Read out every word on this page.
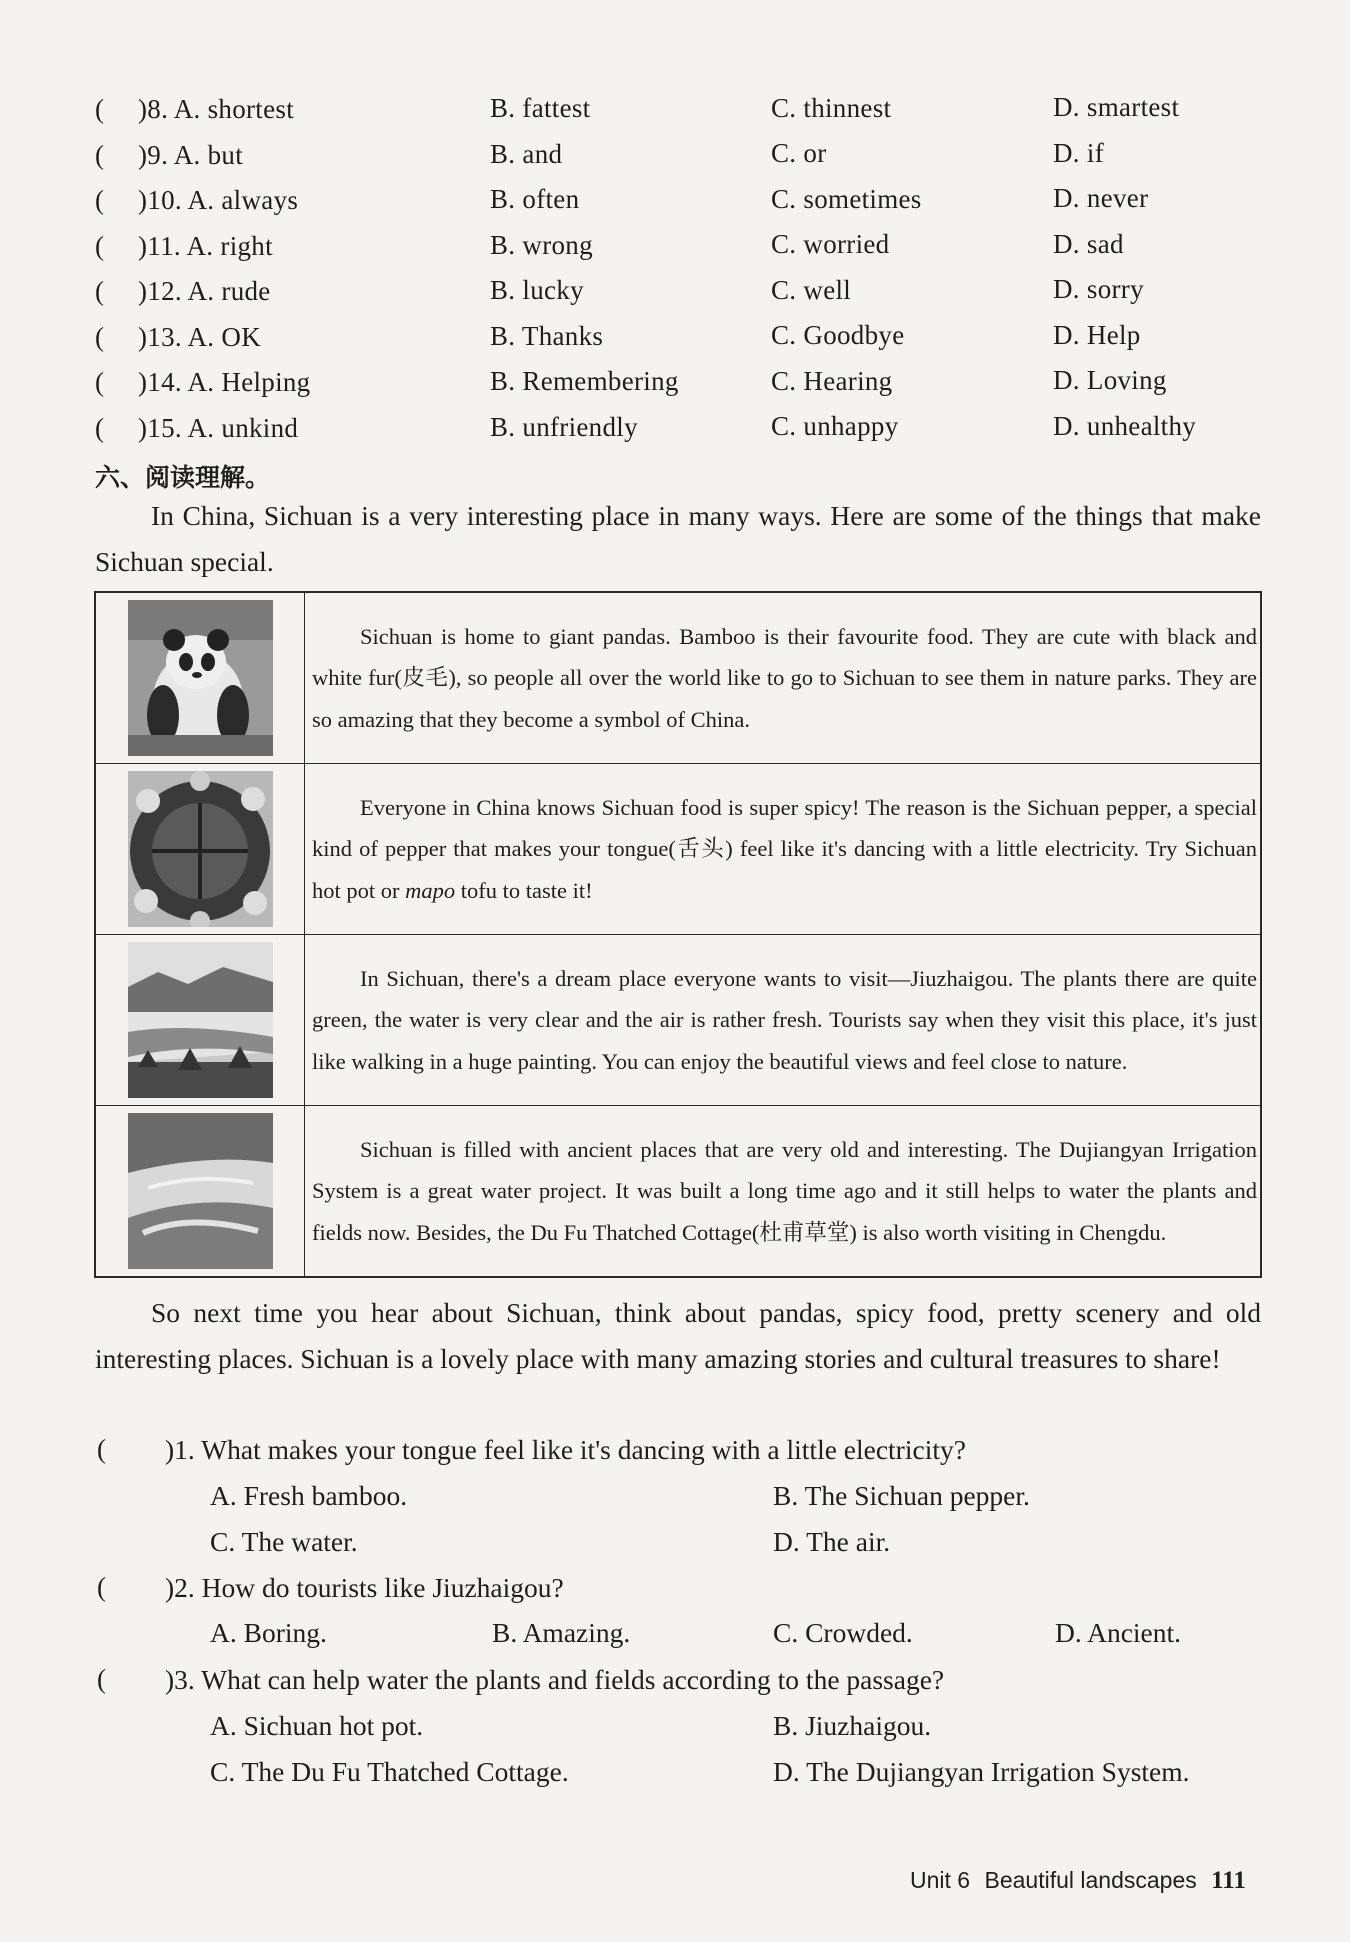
( )8. A. shortest	B. fattest	C. thinnest	D. smartest
( )9. A. but	B. and	C. or	D. if
( )10. A. always	B. often	C. sometimes	D. never
( )11. A. right	B. wrong	C. worried	D. sad
( )12. A. rude	B. lucky	C. well	D. sorry
( )13. A. OK	B. Thanks	C. Goodbye	D. Help
( )14. A. Helping	B. Remembering	C. Hearing	D. Loving
( )15. A. unkind	B. unfriendly	C. unhappy	D. unhealthy
六、阅读理解。
In China, Sichuan is a very interesting place in many ways. Here are some of the things that make Sichuan special.
	Sichuan is home to giant pandas. Bamboo is their favourite food. They are cute with black and white fur(皮毛), so people all over the world like to go to Sichuan to see them in nature parks. They are so amazing that they become a symbol of China.
	Everyone in China knows Sichuan food is super spicy! The reason is the Sichuan pepper, a special kind of pepper that makes your tongue(舌头) feel like it's dancing with a little electricity. Try Sichuan hot pot or mapo tofu to taste it!
	In Sichuan, there's a dream place everyone wants to visit—Jiuzhaigou. The plants there are quite green, the water is very clear and the air is rather fresh. Tourists say when they visit this place, it's just like walking in a huge painting. You can enjoy the beautiful views and feel close to nature.
	Sichuan is filled with ancient places that are very old and interesting. The Dujiangyan Irrigation System is a great water project. It was built a long time ago and it still helps to water the plants and fields now. Besides, the Du Fu Thatched Cottage(杜甫草堂) is also worth visiting in Chengdu.
So next time you hear about Sichuan, think about pandas, spicy food, pretty scenery and old interesting places. Sichuan is a lovely place with many amazing stories and cultural treasures to share!
( )1. What makes your tongue feel like it's dancing with a little electricity?
A. Fresh bamboo.	B. The Sichuan pepper.
C. The water.	D. The air.
( )2. How do tourists like Jiuzhaigou?
A. Boring.	B. Amazing.	C. Crowded.	D. Ancient.
( )3. What can help water the plants and fields according to the passage?
A. Sichuan hot pot.	B. Jiuzhaigou.
C. The Du Fu Thatched Cottage.	D. The Dujiangyan Irrigation System.
Unit 6 Beautiful landscapes 111
